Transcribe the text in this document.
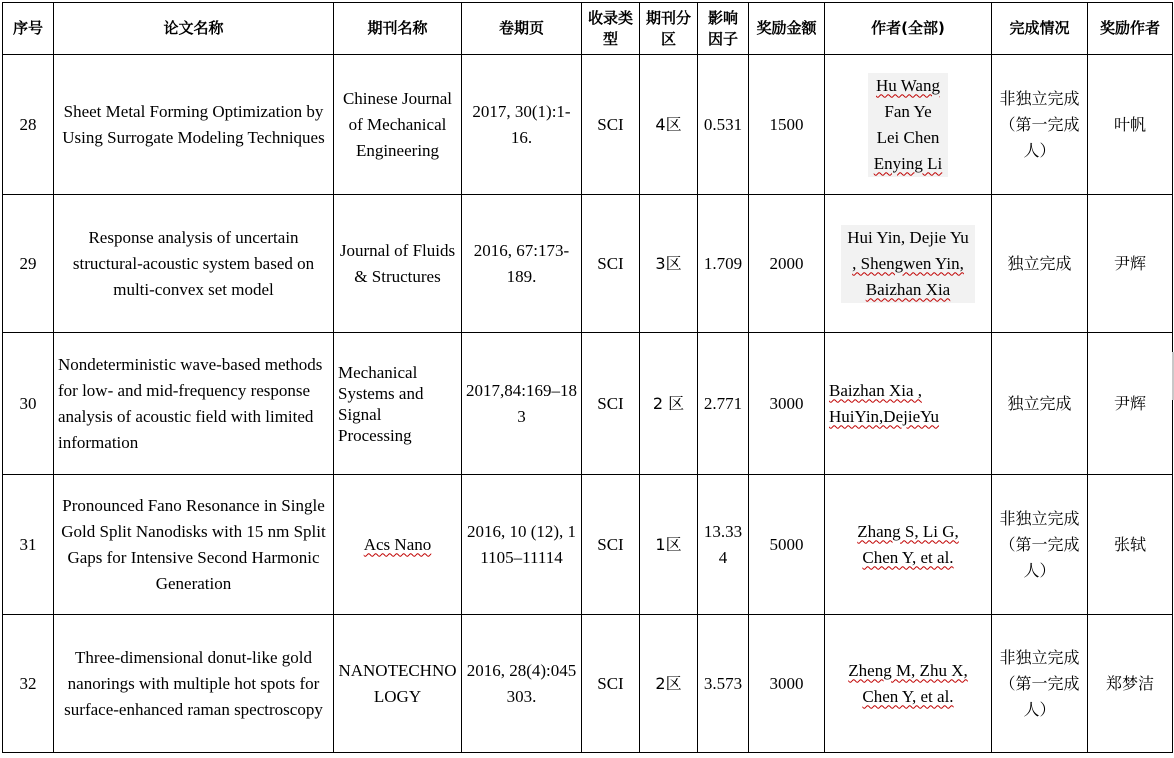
序号	论文名称	期刊名称	卷期页	收录类型	期刊分区	影响因子	奖励金额	作者(全部)	完成情况	奖励作者
28	Sheet Metal Forming Optimization by Using Surrogate Modeling Techniques	Chinese Journal of Mechanical Engineering	2017, 30(1):1-16.	SCI	4区	0.531	1500	Hu Wang
Fan Ye
Lei Chen
Enying Li	非独立完成（第一完成人）	叶帆
29	Response analysis of uncertain structural-acoustic system based on multi-convex set model	Journal of Fluids & Structures	2016, 67:173-189.	SCI	3区	1.709	2000	Hui Yin, Dejie Yu
, Shengwen Yin,
Baizhan Xia	独立完成	尹辉
30	Nondeterministic wave-based methods for low- and mid-frequency response analysis of acoustic field with limited information	Mechanical Systems and Signal Processing	2017,84:169–183	SCI	2 区	2.771	3000	Baizhan Xia ,
HuiYin,DejieYu	独立完成	尹辉
31	Pronounced Fano Resonance in Single Gold Split Nanodisks with 15 nm Split Gaps for Intensive Second Harmonic Generation	Acs Nano	2016, 10 (12), 11105–11114	SCI	1区	13.334	5000	Zhang S, Li G,
Chen Y, et al.	非独立完成（第一完成人）	张轼
32	Three-dimensional donut-like gold nanorings with multiple hot spots for surface-enhanced raman spectroscopy	NANOTECHNOLOGY	2016, 28(4):045303.	SCI	2区	3.573	3000	Zheng M, Zhu X,
Chen Y, et al.	非独立完成（第一完成人）	郑梦洁
